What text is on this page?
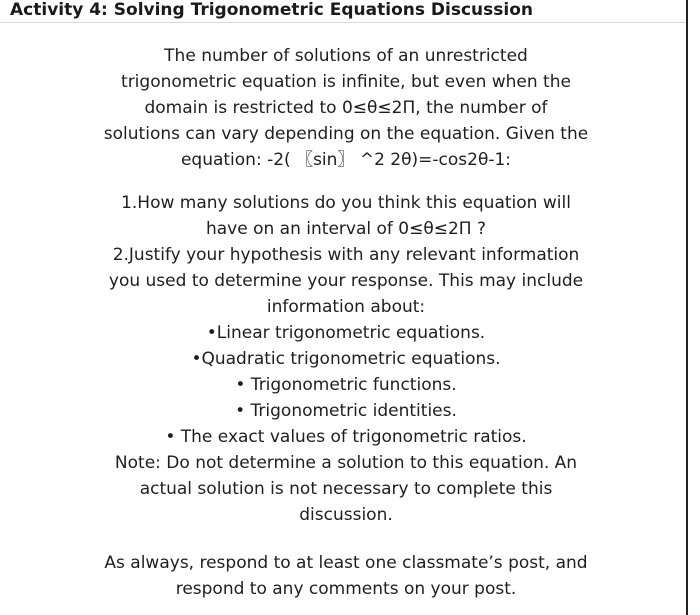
Activity 4: Solving Trigonometric Equations Discussion
The number of solutions of an unrestricted
trigonometric equation is infinite, but even when the
domain is restricted to 0≤θ≤2Π, the number of
solutions can vary depending on the equation. Given the
equation: -2( 〖sin〗 ^2 2θ)=-cos2θ-1:
1.How many solutions do you think this equation will
have on an interval of 0≤θ≤2Π ?
2.Justify your hypothesis with any relevant information
you used to determine your response. This may include
information about:
•Linear trigonometric equations.
•Quadratic trigonometric equations.
• Trigonometric functions.
• Trigonometric identities.
• The exact values of trigonometric ratios.
Note: Do not determine a solution to this equation. An
actual solution is not necessary to complete this
discussion.
As always, respond to at least one classmate’s post, and
respond to any comments on your post.
